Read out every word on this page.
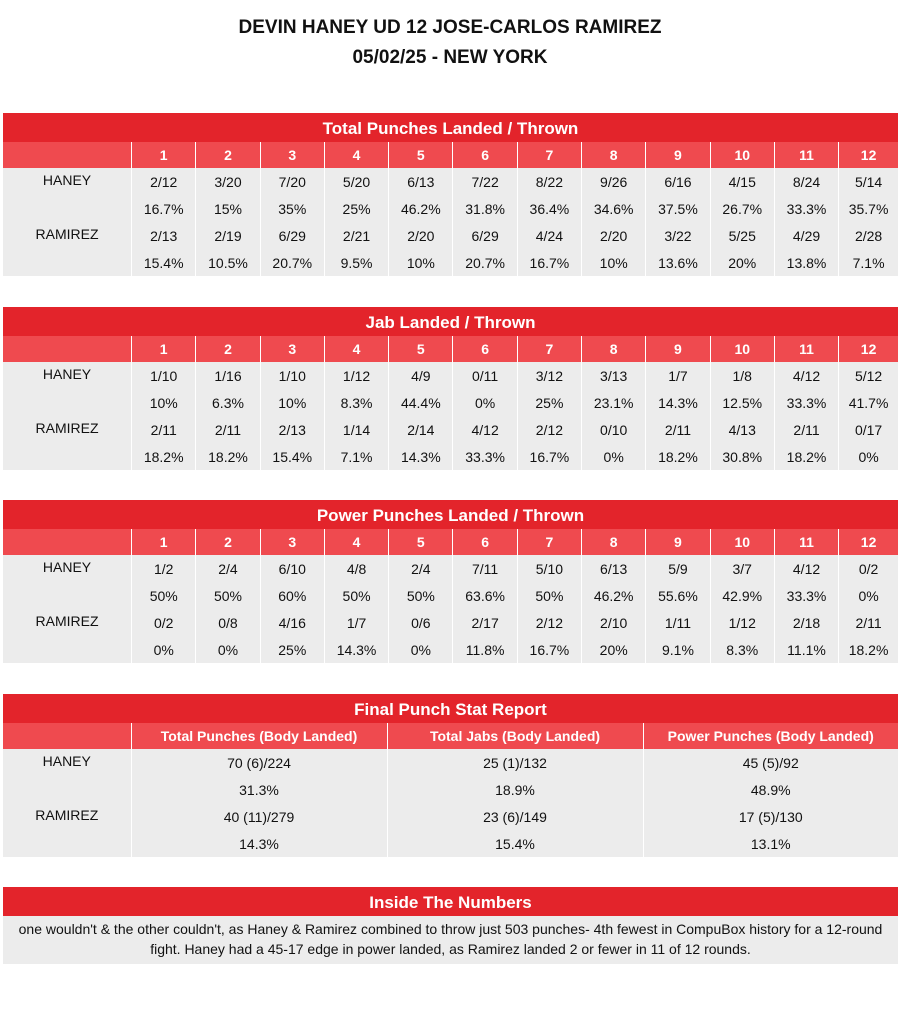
DEVIN HANEY UD 12 JOSE-CARLOS RAMIREZ
05/02/25 - NEW YORK
Total Punches Landed / Thrown
	1	2	3	4	5	6	7	8	9	10	11	12
HANEY	2/12	3/20	7/20	5/20	6/13	7/22	8/22	9/26	6/16	4/15	8/24	5/14
	16.7%	15%	35%	25%	46.2%	31.8%	36.4%	34.6%	37.5%	26.7%	33.3%	35.7%
RAMIREZ	2/13	2/19	6/29	2/21	2/20	6/29	4/24	2/20	3/22	5/25	4/29	2/28
	15.4%	10.5%	20.7%	9.5%	10%	20.7%	16.7%	10%	13.6%	20%	13.8%	7.1%
Jab Landed / Thrown
	1	2	3	4	5	6	7	8	9	10	11	12
HANEY	1/10	1/16	1/10	1/12	4/9	0/11	3/12	3/13	1/7	1/8	4/12	5/12
	10%	6.3%	10%	8.3%	44.4%	0%	25%	23.1%	14.3%	12.5%	33.3%	41.7%
RAMIREZ	2/11	2/11	2/13	1/14	2/14	4/12	2/12	0/10	2/11	4/13	2/11	0/17
	18.2%	18.2%	15.4%	7.1%	14.3%	33.3%	16.7%	0%	18.2%	30.8%	18.2%	0%
Power Punches Landed / Thrown
	1	2	3	4	5	6	7	8	9	10	11	12
HANEY	1/2	2/4	6/10	4/8	2/4	7/11	5/10	6/13	5/9	3/7	4/12	0/2
	50%	50%	60%	50%	50%	63.6%	50%	46.2%	55.6%	42.9%	33.3%	0%
RAMIREZ	0/2	0/8	4/16	1/7	0/6	2/17	2/12	2/10	1/11	1/12	2/18	2/11
	0%	0%	25%	14.3%	0%	11.8%	16.7%	20%	9.1%	8.3%	11.1%	18.2%
Final Punch Stat Report
	Total Punches (Body Landed)	Total Jabs (Body Landed)	Power Punches (Body Landed)
HANEY	70 (6)/224	25 (1)/132	45 (5)/92
	31.3%	18.9%	48.9%
RAMIREZ	40 (11)/279	23 (6)/149	17 (5)/130
	14.3%	15.4%	13.1%
Inside The Numbers
one wouldn't & the other couldn't, as Haney & Ramirez combined to throw just 503 punches- 4th fewest in CompuBox history for a 12-round fight. Haney had a 45-17 edge in power landed, as Ramirez landed 2 or fewer in 11 of 12 rounds.
